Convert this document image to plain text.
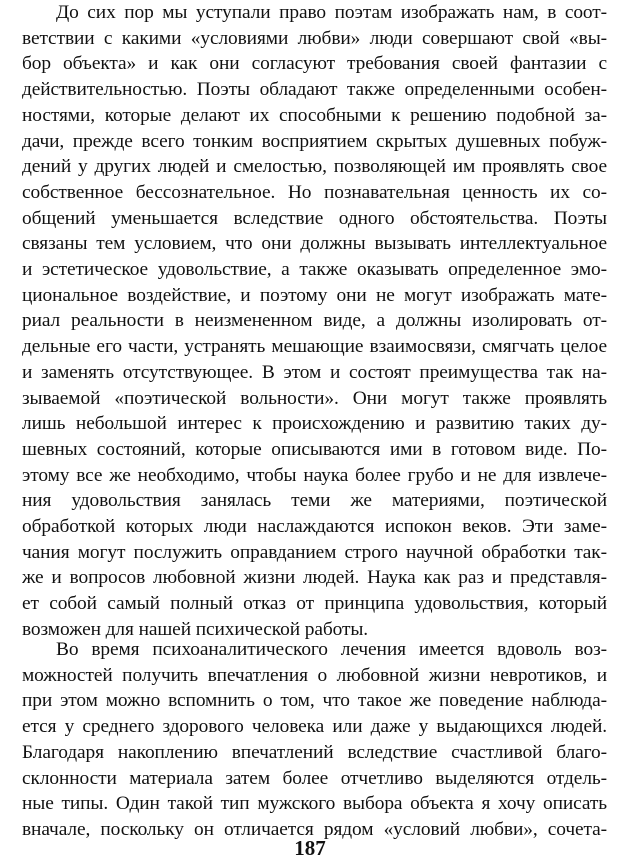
До сих пор мы уступали право поэтам изображать нам, в соот-
ветствии с какими «условиями любви» люди совершают свой «вы-
бор объекта» и как они согласуют требования своей фантазии с
действительностью. Поэты обладают также определенными особен-
ностями, которые делают их способными к решению подобной за-
дачи, прежде всего тонким восприятием скрытых душевных побуж-
дений у других людей и смелостью, позволяющей им проявлять свое
собственное бессознательное. Но познавательная ценность их со-
общений уменьшается вследствие одного обстоятельства. Поэты
связаны тем условием, что они должны вызывать интеллектуальное
и эстетическое удовольствие, а также оказывать определенное эмо-
циональное воздействие, и поэтому они не могут изображать мате-
риал реальности в неизмененном виде, а должны изолировать от-
дельные его части, устранять мешающие взаимосвязи, смягчать целое
и заменять отсутствующее. В этом и состоят преимущества так на-
зываемой «поэтической вольности». Они могут также проявлять
лишь небольшой интерес к происхождению и развитию таких ду-
шевных состояний, которые описываются ими в готовом виде. По-
этому все же необходимо, чтобы наука более грубо и не для извлече-
ния удовольствия занялась теми же материями, поэтической
обработкой которых люди наслаждаются испокон веков. Эти заме-
чания могут послужить оправданием строго научной обработки так-
же и вопросов любовной жизни людей. Наука как раз и представля-
ет собой самый полный отказ от принципа удовольствия, который
возможен для нашей психической работы.
Во время психоаналитического лечения имеется вдоволь воз-
можностей получить впечатления о любовной жизни невротиков, и
при этом можно вспомнить о том, что такое же поведение наблюда-
ется у среднего здорового человека или даже у выдающихся людей.
Благодаря накоплению впечатлений вследствие счастливой благо-
склонности материала затем более отчетливо выделяются отдель-
ные типы. Один такой тип мужского выбора объекта я хочу описать
вначале, поскольку он отличается рядом «условий любви», сочета-
187
